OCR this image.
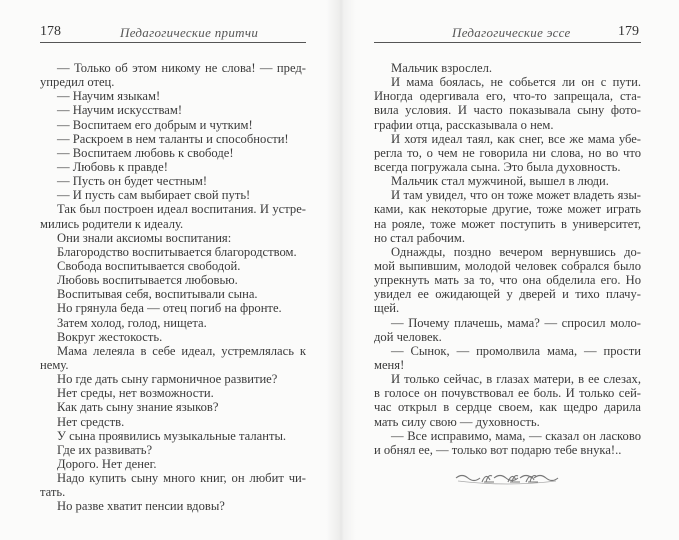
178	Педагогические притчи
— Только об этом никому не слова! — пред-
упредил отец.
— Научим языкам!
— Научим искусствам!
— Воспитаем его добрым и чутким!
— Раскроем в нем таланты и способности!
— Воспитаем любовь к свободе!
— Любовь к правде!
— Пусть он будет честным!
— И пусть сам выбирает свой путь!
Так был построен идеал воспитания. И устре-
мились родители к идеалу.
Они знали аксиомы воспитания:
Благородство воспитывается благородством.
Свобода воспитывается свободой.
Любовь воспитывается любовью.
Воспитывая себя, воспитывали сына.
Но грянула беда — отец погиб на фронте.
Затем холод, голод, нищета.
Вокруг жестокость.
Мама лелеяла в себе идеал, устремлялась к
нему.
Но где дать сыну гармоничное развитие?
Нет среды, нет возможности.
Как дать сыну знание языков?
Нет средств.
У сына проявились музыкальные таланты.
Где их развивать?
Дорого. Нет денег.
Надо купить сыну много книг, он любит чи-
тать.
Но разве хватит пенсии вдовы?
Педагогические эссе	179
Мальчик взрослел.
И мама боялась, не собьется ли он с пути.
Иногда одергивала его, что-то запрещала, ста-
вила условия. И часто показывала сыну фото-
графии отца, рассказывала о нем.
И хотя идеал таял, как снег, все же мама убе-
регла то, о чем не говорила ни слова, но во что
всегда погружала сына. Это была духовность.
Мальчик стал мужчиной, вышел в люди.
И там увидел, что он тоже может владеть язы-
ками, как некоторые другие, тоже может играть
на рояле, тоже может поступить в университет,
но стал рабочим.
Однажды, поздно вечером вернувшись до-
мой выпившим, молодой человек собрался было
упрекнуть мать за то, что она обделила его. Но
увидел ее ожидающей у дверей и тихо плачу-
щей.
— Почему плачешь, мама? — спросил моло-
дой человек.
— Сынок, — промолвила мама, — прости
меня!
И только сейчас, в глазах матери, в ее слезах,
в голосе он почувствовал ее боль. И только сей-
час открыл в сердце своем, как щедро дарила
мать силу свою — духовность.
— Все исправимо, мама, — сказал он ласково
и обнял ее, — только вот подарю тебе внука!..
